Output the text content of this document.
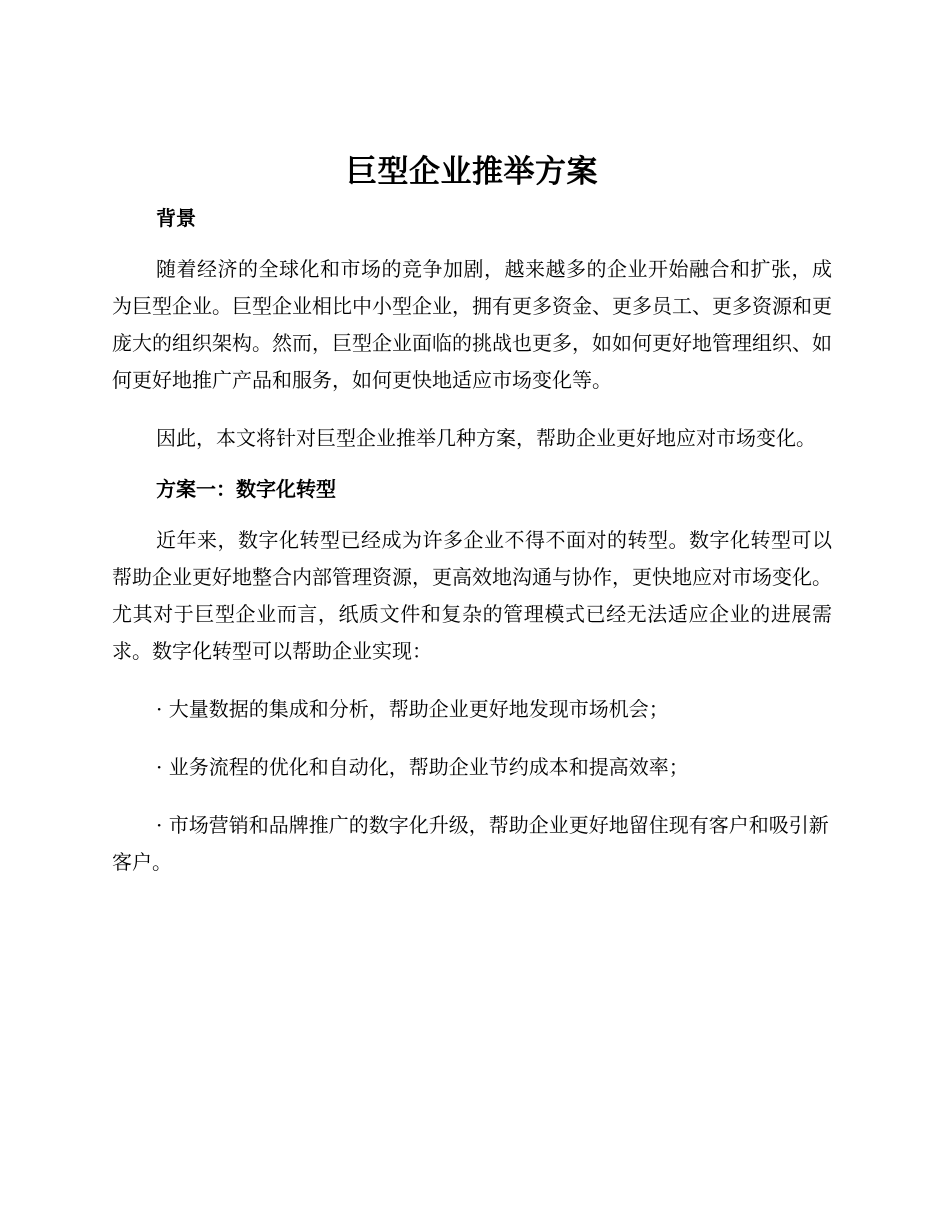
巨型企业推举方案
背景

随着经济的全球化和市场的竞争加剧，越来越多的企业开始融合和扩张，成为巨型企业。巨型企业相比中小型企业，拥有更多资金、更多员工、更多资源和更庞大的组织架构。然而，巨型企业面临的挑战也更多，如如何更好地管理组织、如何更好地推广产品和服务，如何更快地适应市场变化等。

因此，本文将针对巨型企业推举几种方案，帮助企业更好地应对市场变化。

方案一：数字化转型

近年来，数字化转型已经成为许多企业不得不面对的转型。数字化转型可以帮助企业更好地整合内部管理资源，更高效地沟通与协作，更快地应对市场变化。尤其对于巨型企业而言，纸质文件和复杂的管理模式已经无法适应企业的进展需求。数字化转型可以帮助企业实现：

· 大量数据的集成和分析，帮助企业更好地发现市场机会；

· 业务流程的优化和自动化，帮助企业节约成本和提高效率；

· 市场营销和品牌推广的数字化升级，帮助企业更好地留住现有客户和吸引新客户。
